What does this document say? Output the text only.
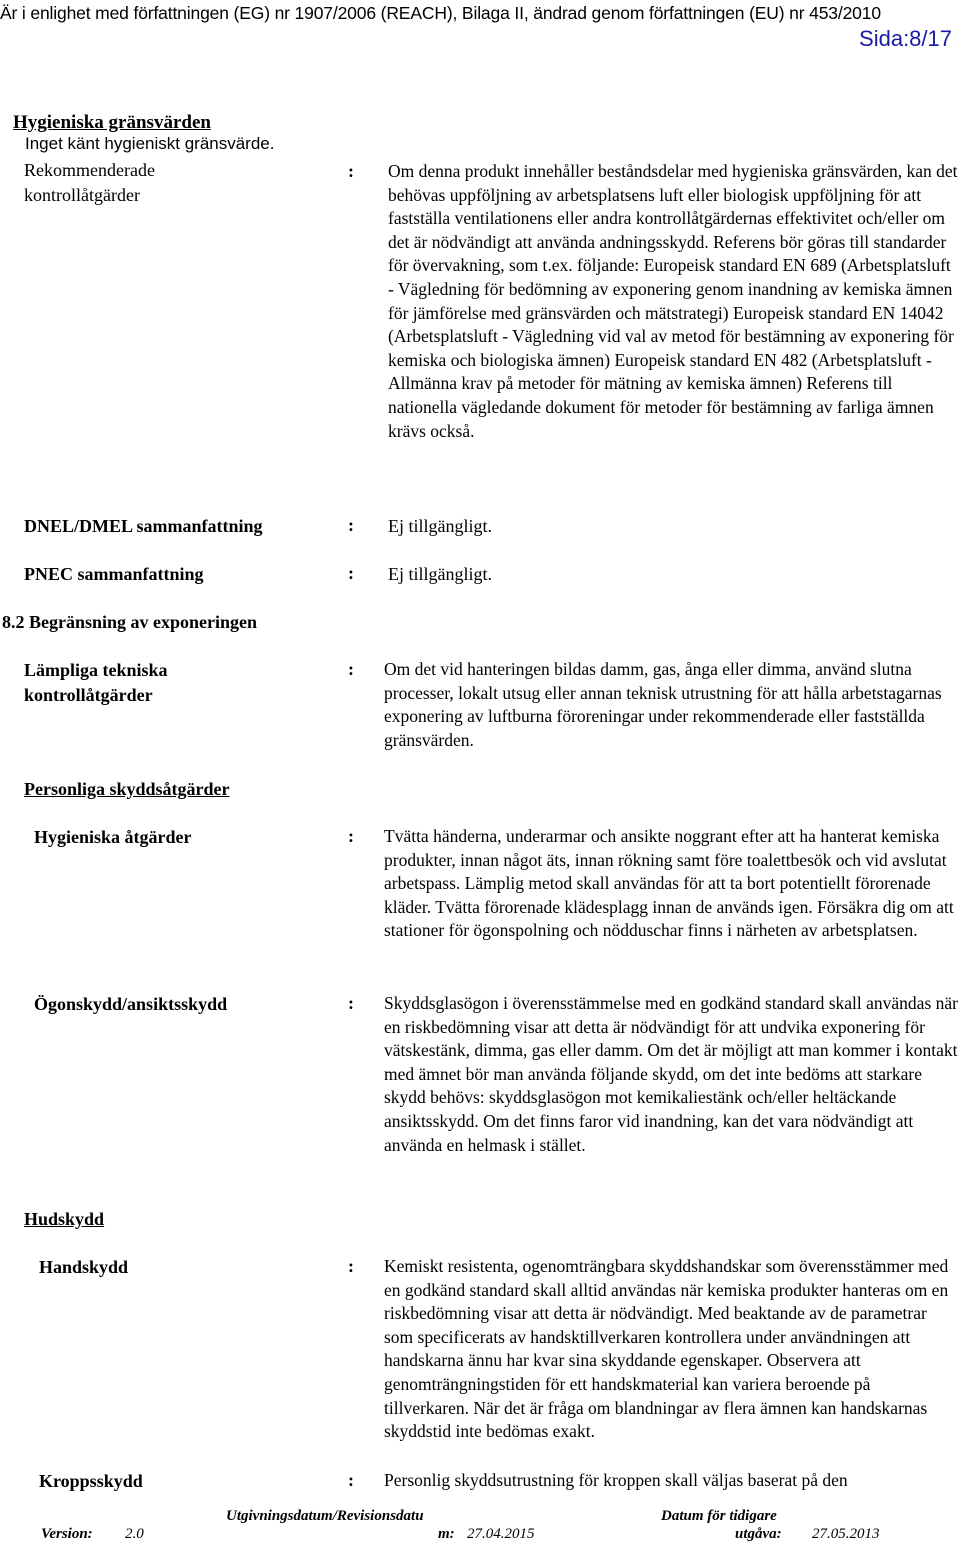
Är i enlighet med författningen (EG) nr 1907/2006 (REACH), Bilaga II, ändrad genom författningen (EU) nr 453/2010
Sida:8/17
Hygieniska gränsvärden
Inget känt hygieniskt gränsvärde.
Rekommenderade
kontrollåtgärder
: Om denna produkt innehåller beståndsdelar med hygieniska gränsvärden, kan det behövas uppföljning av arbetsplatsens luft eller biologisk uppföljning för att fastställa ventilationens eller andra kontrollåtgärdernas effektivitet och/eller om det är nödvändigt att använda andningsskydd. Referens bör göras till standarder för övervakning, som t.ex. följande: Europeisk standard EN 689 (Arbetsplatsluft - Vägledning för bedömning av exponering genom inandning av kemiska ämnen för jämförelse med gränsvärden och mätstrategi) Europeisk standard EN 14042 (Arbetsplatsluft - Vägledning vid val av metod för bestämning av exponering för kemiska och biologiska ämnen) Europeisk standard EN 482 (Arbetsplatsluft - Allmänna krav på metoder för mätning av kemiska ämnen) Referens till nationella vägledande dokument för metoder för bestämning av farliga ämnen krävs också.
DNEL/DMEL sammanfattning	: Ej tillgängligt.
PNEC sammanfattning	: Ej tillgängligt.
8.2 Begränsning av exponeringen
Lämpliga tekniska
kontrollåtgärder
: Om det vid hanteringen bildas damm, gas, ånga eller dimma, använd slutna processer, lokalt utsug eller annan teknisk utrustning för att hålla arbetstagarnas exponering av luftburna föroreningar under rekommenderade eller fastställda gränsvärden.
Personliga skyddsåtgärder
Hygieniska åtgärder	: Tvätta händerna, underarmar och ansikte noggrant efter att ha hanterat kemiska produkter, innan något äts, innan rökning samt före toalettbesök och vid avslutat arbetspass. Lämplig metod skall användas för att ta bort potentiellt förorenade kläder. Tvätta förorenade klädesplagg innan de används igen. Försäkra dig om att stationer för ögonspolning och nödduschar finns i närheten av arbetsplatsen.
Ögonskydd/ansiktsskydd	: Skyddsglasögon i överensstämmelse med en godkänd standard skall användas när en riskbedömning visar att detta är nödvändigt för att undvika exponering för vätskestänk, dimma, gas eller damm. Om det är möjligt att man kommer i kontakt med ämnet bör man använda följande skydd, om det inte bedöms att starkare skydd behövs: skyddsglasögon mot kemikaliestänk och/eller heltäckande ansiktsskydd. Om det finns faror vid inandning, kan det vara nödvändigt att använda en helmask i stället.
Hudskydd
Handskydd	: Kemiskt resistenta, ogenomträngbara skyddshandskar som överensstämmer med en godkänd standard skall alltid användas när kemiska produkter hanteras om en riskbedömning visar att detta är nödvändigt. Med beaktande av de parametrar som specificerats av handsktillverkaren kontrollera under användningen att handskarna ännu har kvar sina skyddande egenskaper. Observera att genomträngningstiden för ett handskmaterial kan variera beroende på tillverkaren. När det är fråga om blandningar av flera ämnen kan handskarnas skyddstid inte bedömas exakt.
Kroppsskydd	: Personlig skyddsutrustning för kroppen skall väljas baserat på den
Utgivningsdatum/Revisionsdatu	Datum för tidigare
Version: 2.0	m: 27.04.2015	utgåva: 27.05.2013
